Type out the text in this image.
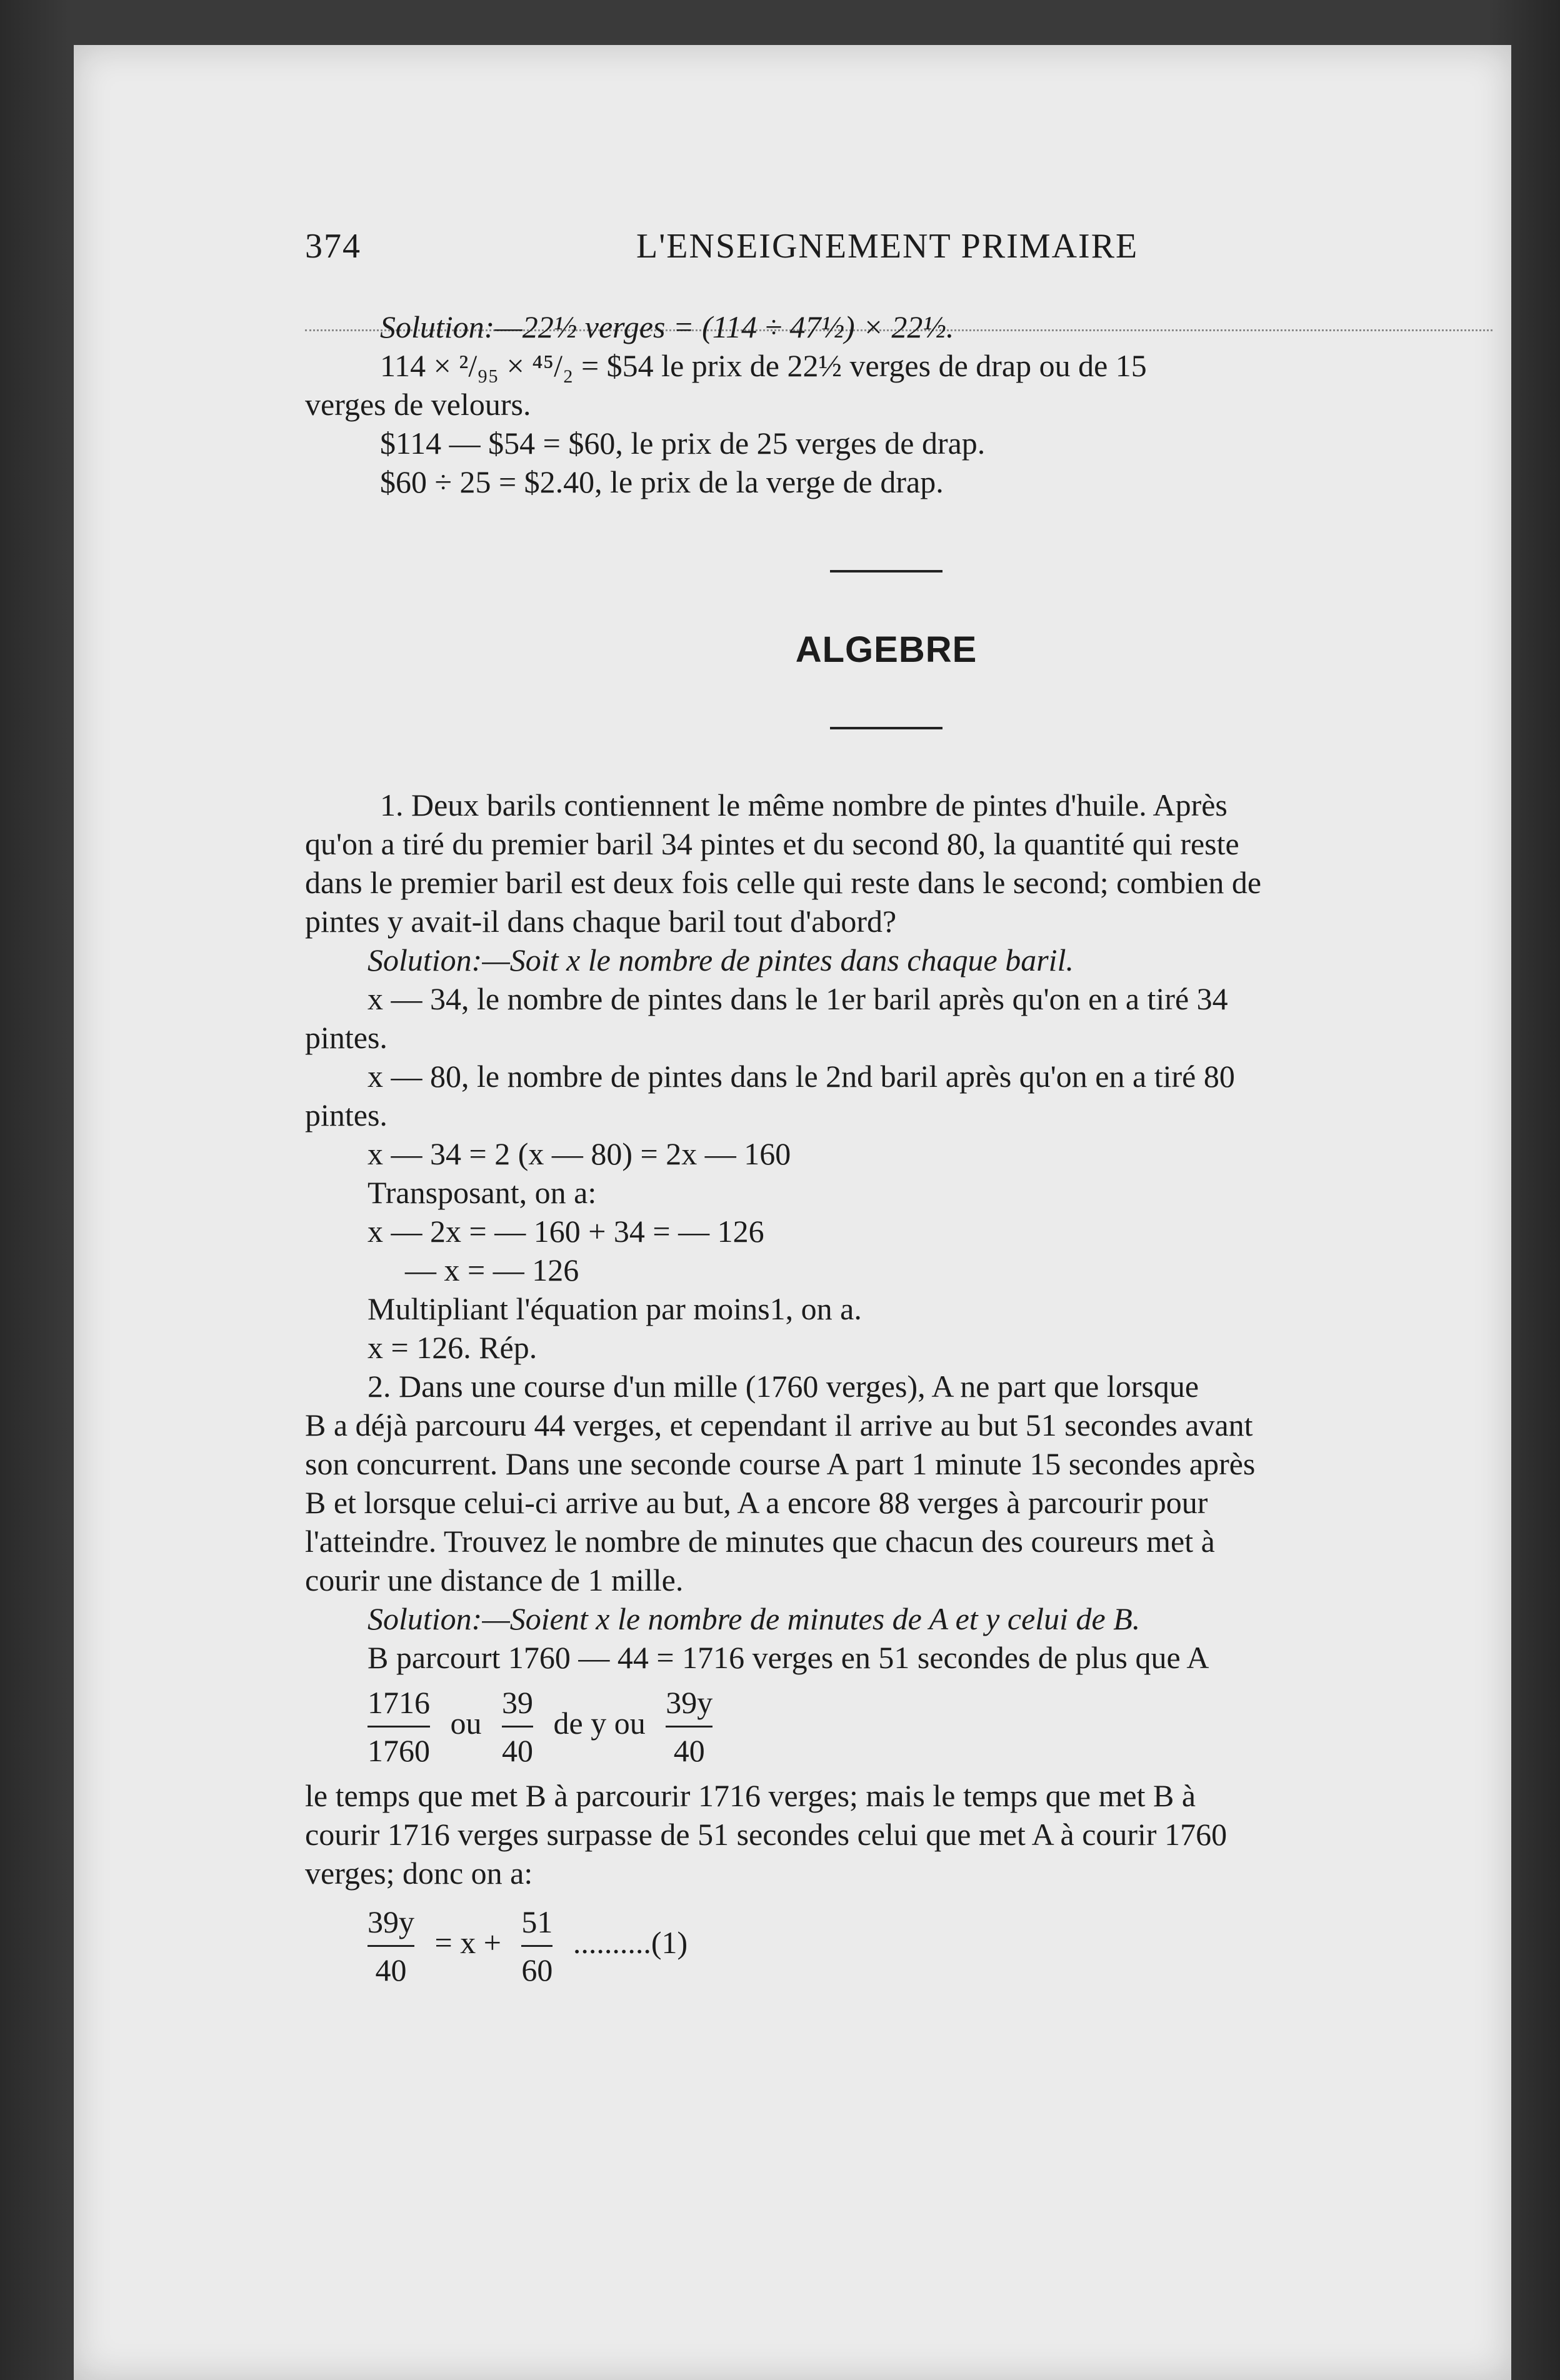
374	L'ENSEIGNEMENT PRIMAIRE

Solution:—22½ verges = (114 ÷ 47½) × 22½.

114 × ²/₉₅ × ⁴⁵/₂ = $54 le prix de 22½ verges de drap ou de 15

verges de velours.

$114 — $54 = $60, le prix de 25 verges de drap.

$60 ÷ 25 = $2.40, le prix de la verge de drap.

ALGEBRE

1. Deux barils contiennent le même nombre de pintes d'huile. Après

qu'on a tiré du premier baril 34 pintes et du second 80, la quantité qui reste

dans le premier baril est deux fois celle qui reste dans le second; combien de

pintes y avait-il dans chaque baril tout d'abord?

Solution:—Soit x le nombre de pintes dans chaque baril.

x — 34, le nombre de pintes dans le 1er baril après qu'on en a tiré 34

pintes.

x — 80, le nombre de pintes dans le 2nd baril après qu'on en a tiré 80

pintes.

x — 34 = 2 (x — 80) = 2x — 160

Transposant, on a:

x — 2x = — 160 + 34 = — 126

— x = — 126

Multipliant l'équation par moins1, on a.

x = 126. Rép.

2. Dans une course d'un mille (1760 verges), A ne part que lorsque

B a déjà parcouru 44 verges, et cependant il arrive au but 51 secondes avant

son concurrent. Dans une seconde course A part 1 minute 15 secondes après

B et lorsque celui-ci arrive au but, A a encore 88 verges à parcourir pour

l'atteindre. Trouvez le nombre de minutes que chacun des coureurs met à

courir une distance de 1 mille.

Solution:—Soient x le nombre de minutes de A et y celui de B.

B parcourt 1760 — 44 = 1716 verges en 51 secondes de plus que A

$\frac{1716}{1760}$ ou $\frac{39}{40}$ de y ou $\frac{39y}{40}$

le temps que met B à parcourir 1716 verges; mais le temps que met B à

courir 1716 verges surpasse de 51 secondes celui que met A à courir 1760

verges; donc on a:

$\frac{39y}{40} = x + \frac{51}{60} ..........(1)$
